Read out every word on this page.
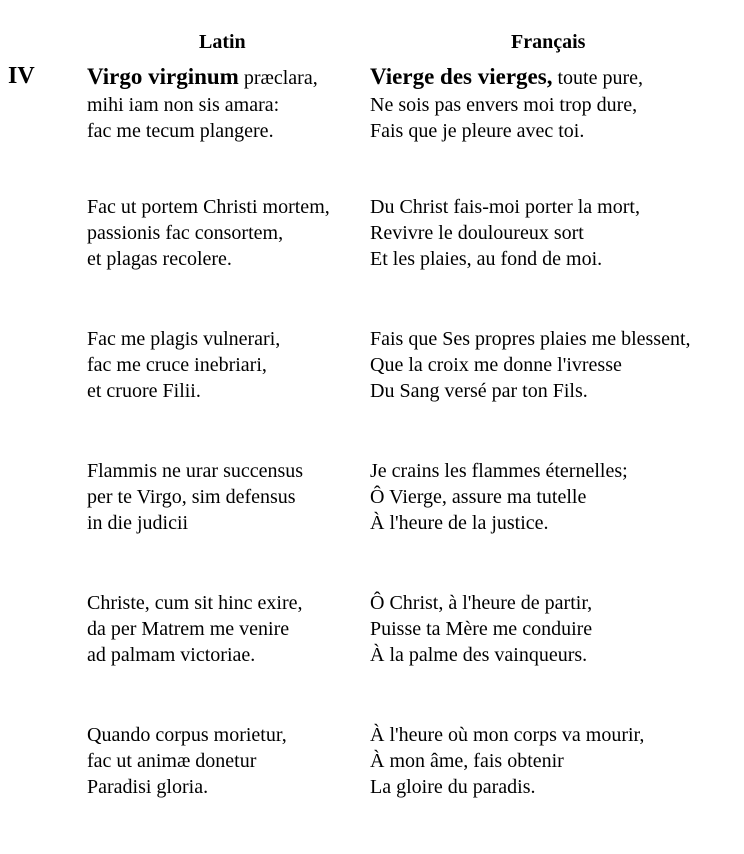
Latin	Français
IV Virgo virginum præclara,
mihi iam non sis amara:
fac me tecum plangere.
Fac ut portem Christi mortem,
passionis fac consortem,
et plagas recolere.
Fac me plagis vulnerari,
fac me cruce inebriari,
et cruore Filii.
Flammis ne urar succensus
per te Virgo, sim defensus
in die judicii
Christe, cum sit hinc exire,
da per Matrem me venire
ad palmam victoriae.
Quando corpus morietur,
fac ut animæ donetur
Paradisi gloria.
Vierge des vierges, toute pure,
Ne sois pas envers moi trop dure,
Fais que je pleure avec toi.
Du Christ fais-moi porter la mort,
Revivre le douloureux sort
Et les plaies, au fond de moi.
Fais que Ses propres plaies me blessent,
Que la croix me donne l'ivresse
Du Sang versé par ton Fils.
Je crains les flammes éternelles;
Ô Vierge, assure ma tutelle
À l'heure de la justice.
Ô Christ, à l'heure de partir,
Puisse ta Mère me conduire
À la palme des vainqueurs.
À l'heure où mon corps va mourir,
À mon âme, fais obtenir
La gloire du paradis.
